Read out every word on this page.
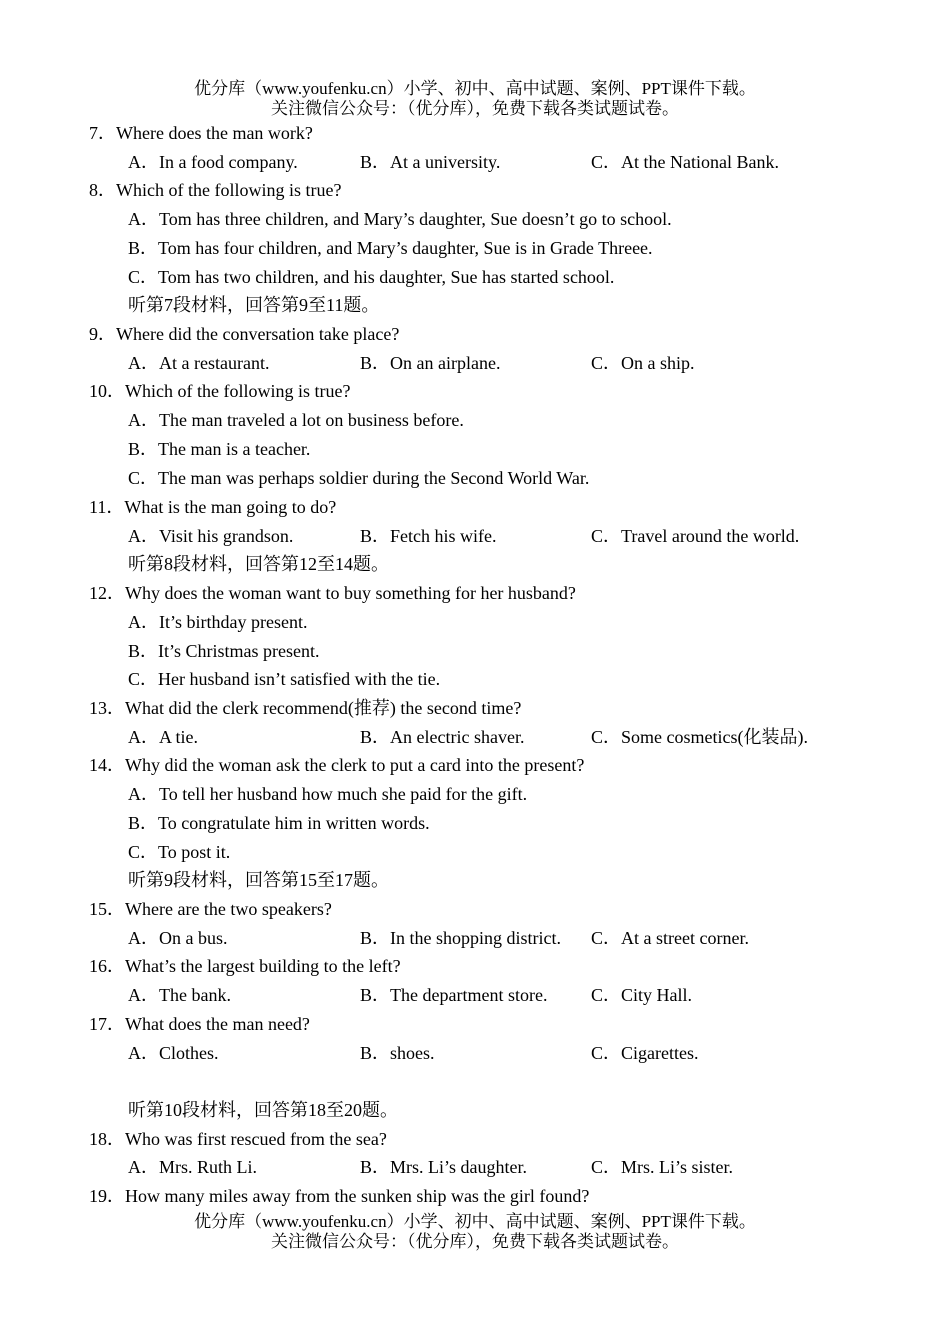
优分库（www.youfenku.cn）小学、初中、高中试题、案例、PPT课件下载。
关注微信公众号：（优分库），免费下载各类试题试卷。
7．Where does the man work?
A．In a food company.	B．At a university.	C．At the National Bank.
8．Which of the following is true?
A．Tom has three children, and Mary’s daughter, Sue doesn’t go to school.
B．Tom has four children, and Mary’s daughter, Sue is in Grade Threee.
C．Tom has two children, and his daughter, Sue has started school.
听第7段材料，回答第9至11题。
9．Where did the conversation take place?
A．At a restaurant.	B．On an airplane.	C．On a ship.
10．Which of the following is true?
A．The man traveled a lot on business before.
B．The man is a teacher.
C．The man was perhaps soldier during the Second World War.
11．What is the man going to do?
A．Visit his grandson.	B．Fetch his wife.	C．Travel around the world.
听第8段材料，回答第12至14题。
12．Why does the woman want to buy something for her husband?
A．It’s birthday present.
B．It’s Christmas present.
C．Her husband isn’t satisfied with the tie.
13．What did the clerk recommend(推荐) the second time?
A．A tie.	B．An electric shaver.	C．Some cosmetics(化装品).
14．Why did the woman ask the clerk to put a card into the present?
A．To tell her husband how much she paid for the gift.
B．To congratulate him in written words.
C．To post it.
听第9段材料，回答第15至17题。
15．Where are the two speakers?
A．On a bus.	B．In the shopping district. C．At a street corner.
16．What’s the largest building to the left?
A．The bank.	B．The department store. C．City Hall.
17．What does the man need?
A．Clothes.	B．shoes.	C．Cigarettes.
听第10段材料，回答第18至20题。
18．Who was first rescued from the sea?
A．Mrs. Ruth Li.	B．Mrs. Li’s daughter.	C．Mrs. Li’s sister.
19．How many miles away from the sunken ship was the girl found?
优分库（www.youfenku.cn）小学、初中、高中试题、案例、PPT课件下载。
关注微信公众号：（优分库），免费下载各类试题试卷。
